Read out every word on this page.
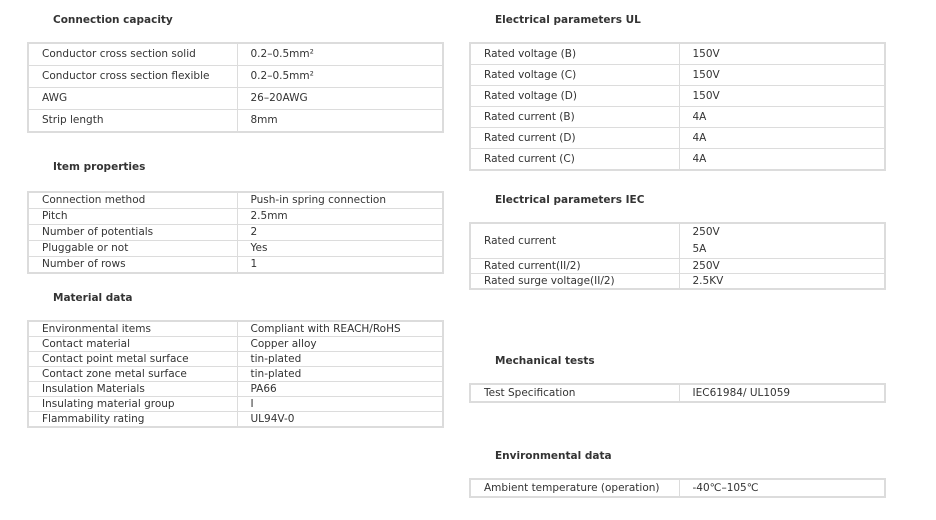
Connection capacity
Conductor cross section solid	0.2–0.5mm²
Conductor cross section flexible	0.2–0.5mm²
AWG	26–20AWG
Strip length	8mm
Item properties
Connection method	Push-in spring connection
Pitch	2.5mm
Number of potentials	2
Pluggable or not	Yes
Number of rows	1
Material data
Environmental items	Compliant with REACH/RoHS
Contact material	Copper alloy
Contact point metal surface	tin-plated
Contact zone metal surface	tin-plated
Insulation Materials	PA66
Insulating material group	Ⅰ
Flammability rating	UL94V-0
Electrical parameters UL
Rated voltage (B)	150V
Rated voltage (C)	150V
Rated voltage (D)	150V
Rated current (B)	4A
Rated current (D)	4A
Rated current (C)	4A
Electrical parameters IEC
Rated current	250V
5A

Rated current(II/2)	250V
Rated surge voltage(II/2)	2.5KV
Mechanical tests
Test Specification	IEC61984/ UL1059
Environmental data
Ambient temperature (operation)	-40℃–105℃
